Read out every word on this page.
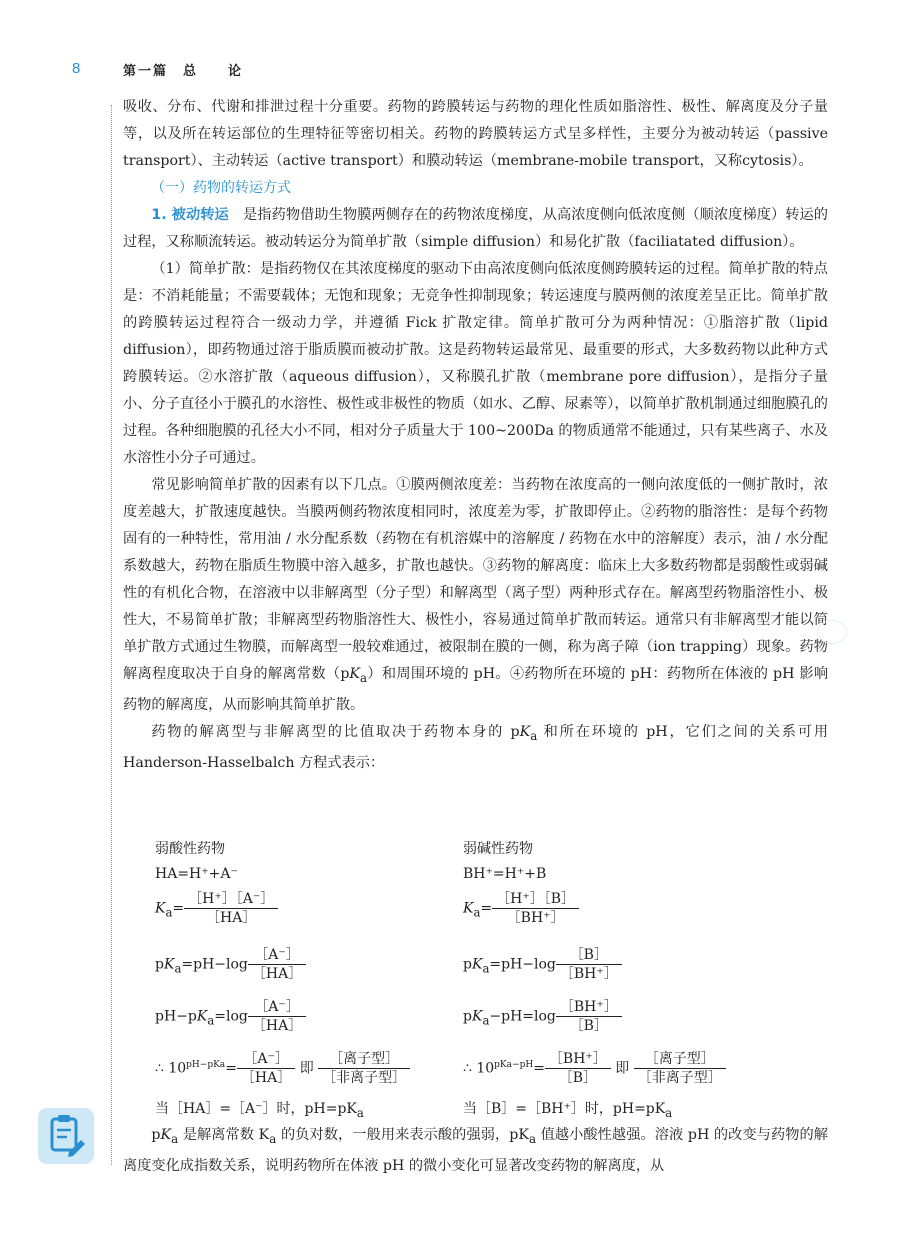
8	第一篇　总　　论

吸收、分布、代谢和排泄过程十分重要。药物的跨膜转运与药物的理化性质如脂溶性、极性、解离度及分子量等，以及所在转运部位的生理特征等密切相关。药物的跨膜转运方式呈多样性，主要分为被动转运（passive transport）、主动转运（active transport）和膜动转运（membrane-mobile transport，又称cytosis）。

（一）药物的转运方式

1. 被动转运　 是指药物借助生物膜两侧存在的药物浓度梯度，从高浓度侧向低浓度侧（顺浓度梯度）转运的过程，又称顺流转运。被动转运分为简单扩散（simple diffusion）和易化扩散（faciliatated diffusion）。

（1）简单扩散：是指药物仅在其浓度梯度的驱动下由高浓度侧向低浓度侧跨膜转运的过程。简单扩散的特点是：不消耗能量；不需要载体；无饱和现象；无竞争性抑制现象；转运速度与膜两侧的浓度差呈正比。简单扩散的跨膜转运过程符合一级动力学，并遵循 Fick 扩散定律。简单扩散可分为两种情况：①脂溶扩散（lipid diffusion），即药物通过溶于脂质膜而被动扩散。这是药物转运最常见、最重要的形式，大多数药物以此种方式跨膜转运。②水溶扩散（aqueous diffusion），又称膜孔扩散（membrane pore diffusion），是指分子量小、分子直径小于膜孔的水溶性、极性或非极性的物质（如水、乙醇、尿素等），以简单扩散机制通过细胞膜孔的过程。各种细胞膜的孔径大小不同，相对分子质量大于 100~200Da 的物质通常不能通过，只有某些离子、水及水溶性小分子可通过。

常见影响简单扩散的因素有以下几点。①膜两侧浓度差：当药物在浓度高的一侧向浓度低的一侧扩散时，浓度差越大，扩散速度越快。当膜两侧药物浓度相同时，浓度差为零，扩散即停止。②药物的脂溶性：是每个药物固有的一种特性，常用油 / 水分配系数（药物在有机溶媒中的溶解度 / 药物在水中的溶解度）表示，油 / 水分配系数越大，药物在脂质生物膜中溶入越多，扩散也越快。③药物的解离度：临床上大多数药物都是弱酸性或弱碱性的有机化合物，在溶液中以非解离型（分子型）和解离型（离子型）两种形式存在。解离型药物脂溶性小、极性大，不易简单扩散；非解离型药物脂溶性大、极性小，容易通过简单扩散而转运。通常只有非解离型才能以简单扩散方式通过生物膜，而解离型一般较难通过，被限制在膜的一侧，称为离子障（ion trapping）现象。药物解离程度取决于自身的解离常数$(pK_a)$和周围环境的 pH。④药物所在环境的 pH：药物所在体液的 pH 影响药物的解离度，从而影响其简单扩散。

药物的解离型与非解离型的比值取决于药物本身的 $pK_a$ 和所在环境的 pH，它们之间的关系可用 Handerson-Hasselbalch 方程式表示：

弱酸性药物
HA=H⁺+A⁻
$K_a= \frac{[H^+][A^-]}{[HA]}$
$pK_a=pH-\log \frac{[A^-]}{[HA]}$
$pH-pK_a=\log \frac{[A^-]}{[HA]}$
∴ $10^{pH-pKa}= \frac{[A^-]}{[HA]}$ 即 $\frac{\text{［离子型］}}{\text{［非离子型］}}$
当［HA］=［A⁻］时，$pH=pK_a$
弱碱性药物
BH⁺=H⁺+B
$K_a= \frac{[H^+][B]}{[BH^+]}$
$pK_a=pH-\log \frac{[B]}{[BH^+]}$
$pK_a-pH=\log \frac{[BH^+]}{[B]}$
∴ $10^{pKa-pH}= \frac{[BH^+]}{[B]}$ 即 $\frac{\text{［离子型］}}{\text{［非离子型］}}$
当［B］=［BH⁺］时，$pH=pK_a$

$pK_a$ 是解离常数 $K_a$ 的负对数，一般用来表示酸的强弱，$pK_a$ 值越小酸性越强。溶液 pH 的改变与药物的解离度变化成指数关系，说明药物所在体液 pH 的微小变化可显著改变药物的解离度，从
